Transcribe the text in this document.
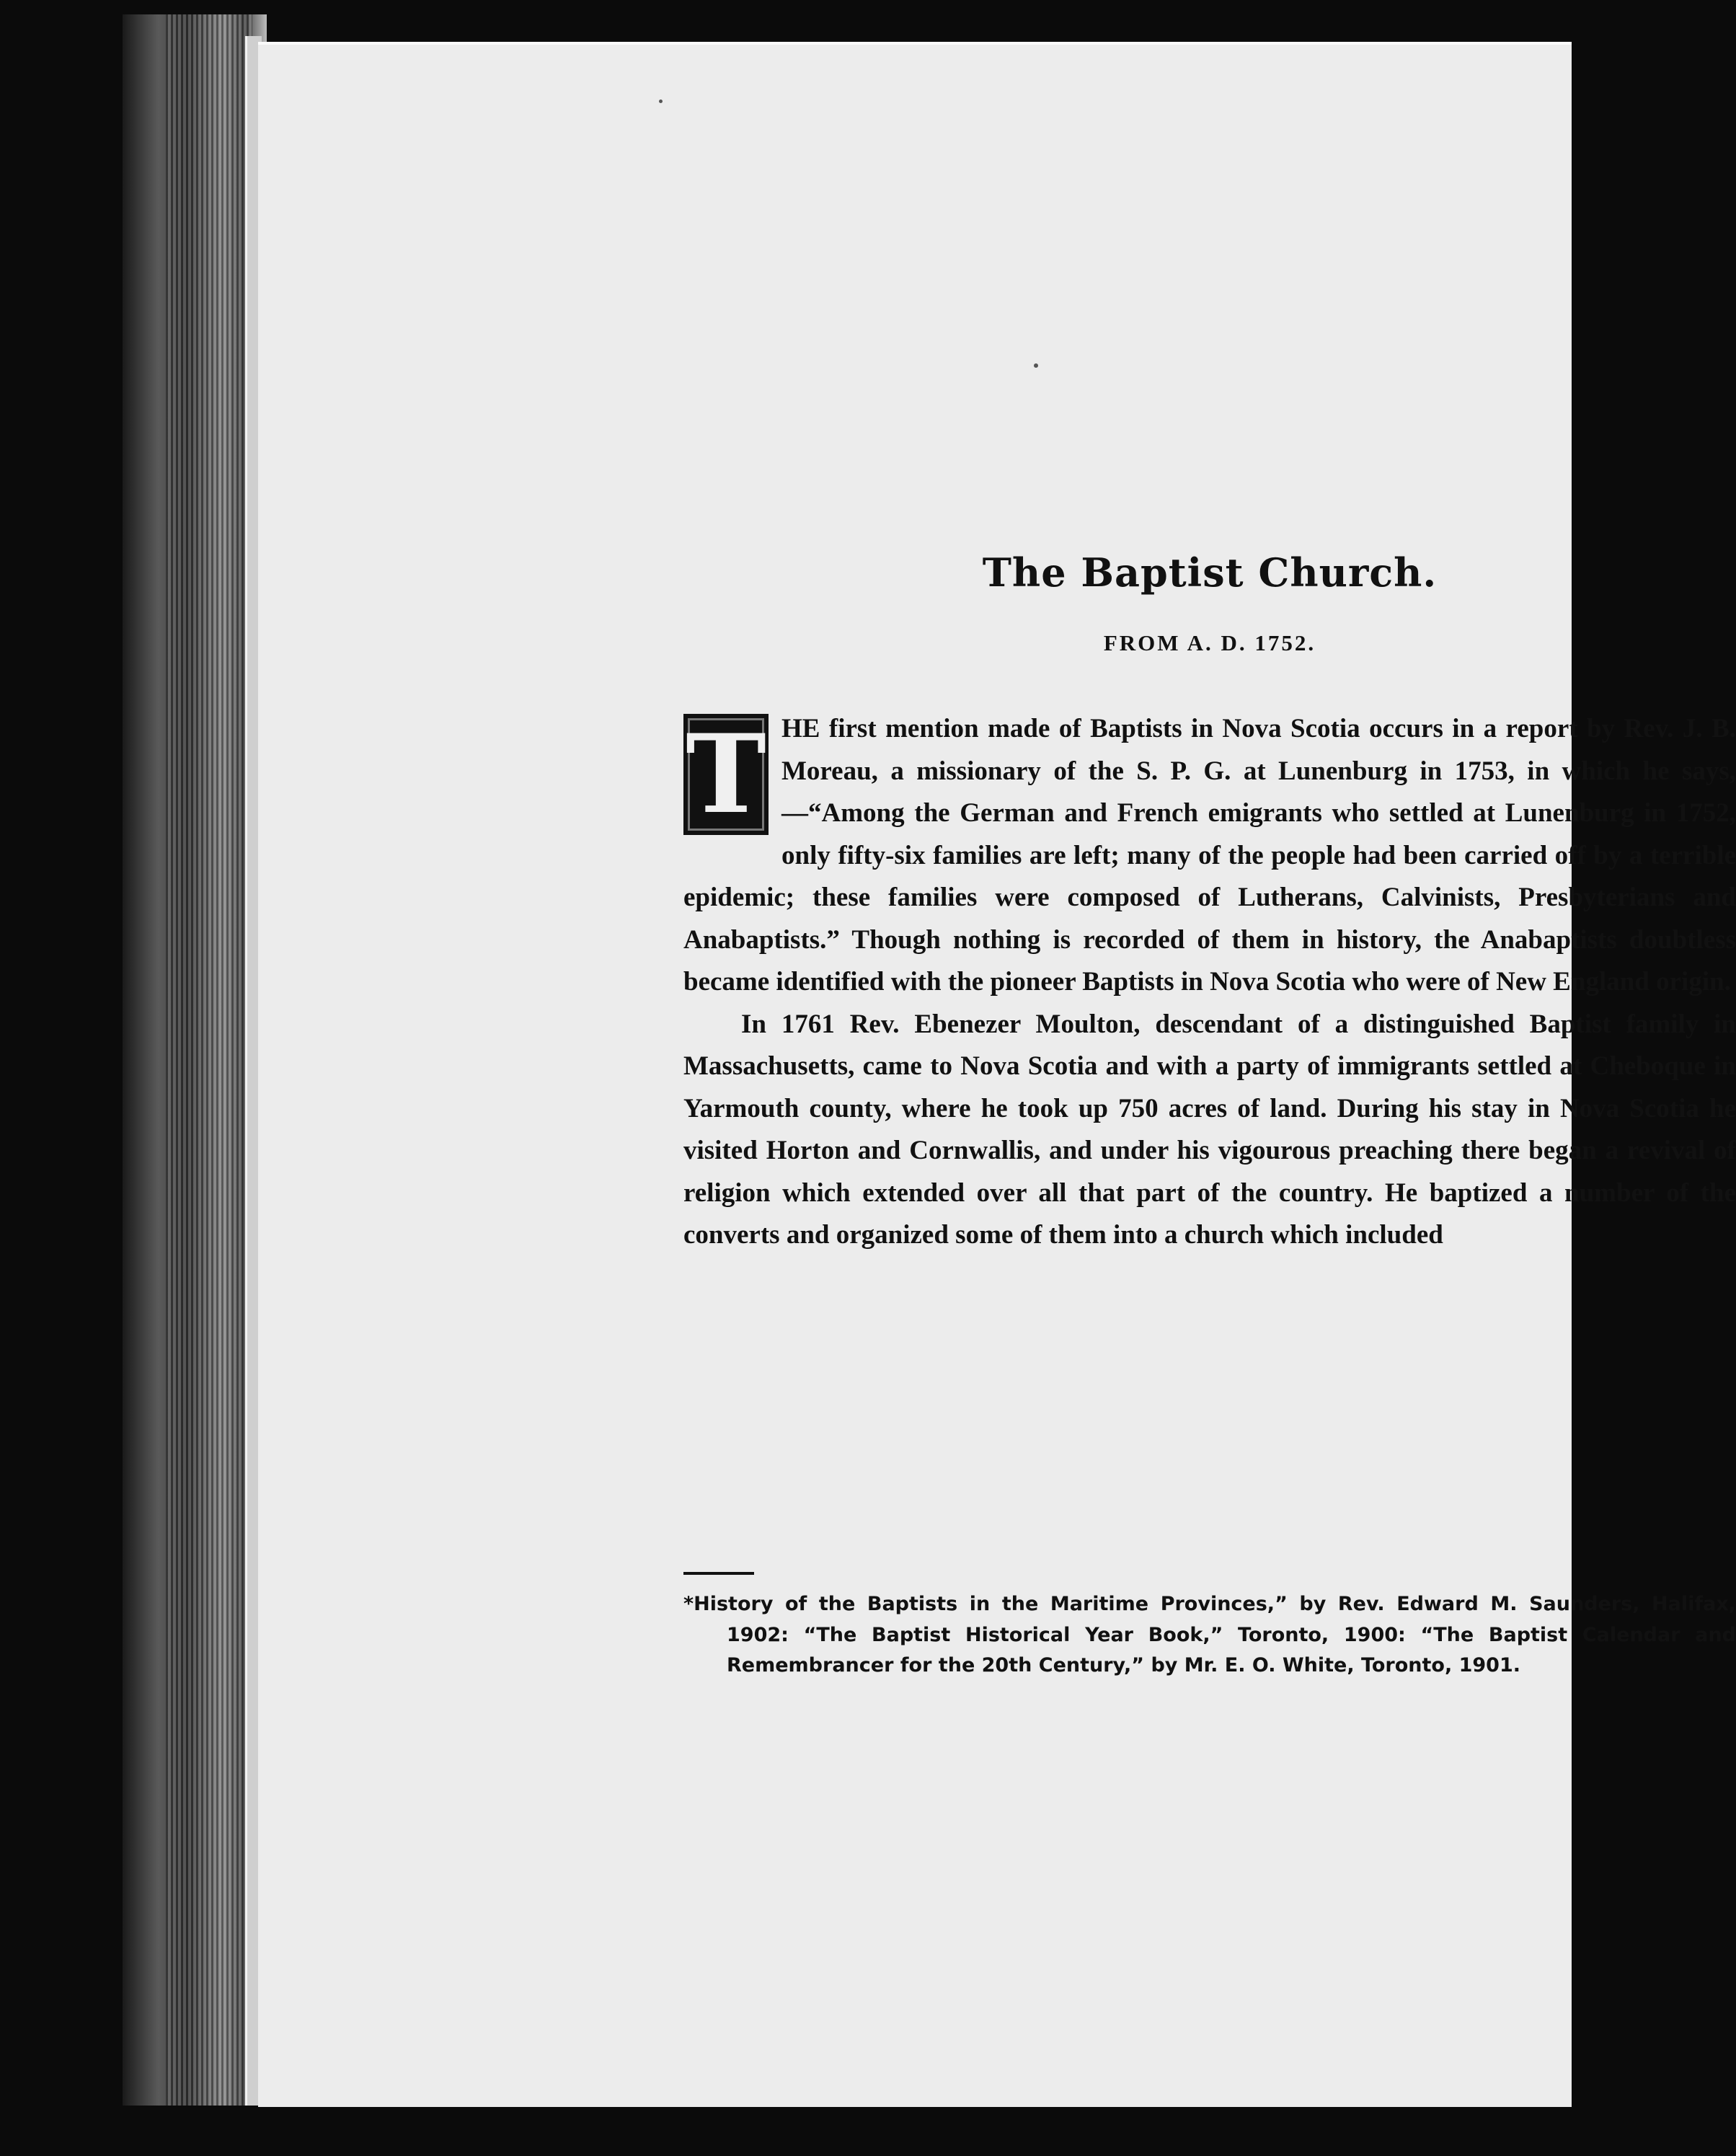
The Baptist Church.
FROM A. D. 1752.

T HE first mention made of Baptists in Nova Scotia occurs in a report by Rev. J. B. Moreau, a missionary of the S. P. G. at Lunenburg in 1753, in which he says,—“Among the German and French emigrants who settled at Lunenburg in 1752, only fifty-six families are left; many of the people had been carried off by a terrible epidemic; these families were composed of Lutherans, Calvinists, Presbyterians and Anabaptists.” Though nothing is recorded of them in history, the Anabaptists doubtless became identified with the pioneer Baptists in Nova Scotia who were of New England origin.

In 1761 Rev. Ebenezer Moulton, descendant of a distinguished Baptist family in Massachusetts, came to Nova Scotia and with a party of immigrants settled at Cheboque in Yarmouth county, where he took up 750 acres of land. During his stay in Nova Scotia he visited Horton and Cornwallis, and under his vigourous preaching there began a revival of religion which extended over all that part of the country. He baptized a number of the converts and organized some of them into a church which included

*History of the Baptists in the Maritime Provinces,” by Rev. Edward M. Saunders, Halifax, 1902: “The Baptist Historical Year Book,” Toronto, 1900: “The Baptist Calendar and Remembrancer for the 20th Century,” by Mr. E. O. White, Toronto, 1901.
